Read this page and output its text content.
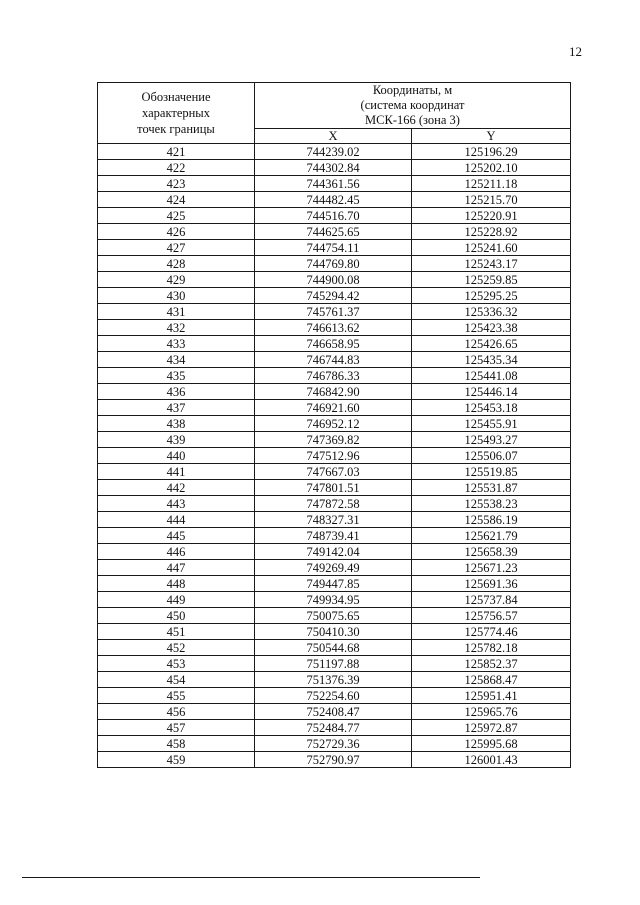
12
Обозначение
характерных
точек границы	Координаты, м
(система координат
МСК-166 (зона 3)	

	X	Y
421	744239.02	125196.29
422	744302.84	125202.10
423	744361.56	125211.18
424	744482.45	125215.70
425	744516.70	125220.91
426	744625.65	125228.92
427	744754.11	125241.60
428	744769.80	125243.17
429	744900.08	125259.85
430	745294.42	125295.25
431	745761.37	125336.32
432	746613.62	125423.38
433	746658.95	125426.65
434	746744.83	125435.34
435	746786.33	125441.08
436	746842.90	125446.14
437	746921.60	125453.18
438	746952.12	125455.91
439	747369.82	125493.27
440	747512.96	125506.07
441	747667.03	125519.85
442	747801.51	125531.87
443	747872.58	125538.23
444	748327.31	125586.19
445	748739.41	125621.79
446	749142.04	125658.39
447	749269.49	125671.23
448	749447.85	125691.36
449	749934.95	125737.84
450	750075.65	125756.57
451	750410.30	125774.46
452	750544.68	125782.18
453	751197.88	125852.37
454	751376.39	125868.47
455	752254.60	125951.41
456	752408.47	125965.76
457	752484.77	125972.87
458	752729.36	125995.68
459	752790.97	126001.43
